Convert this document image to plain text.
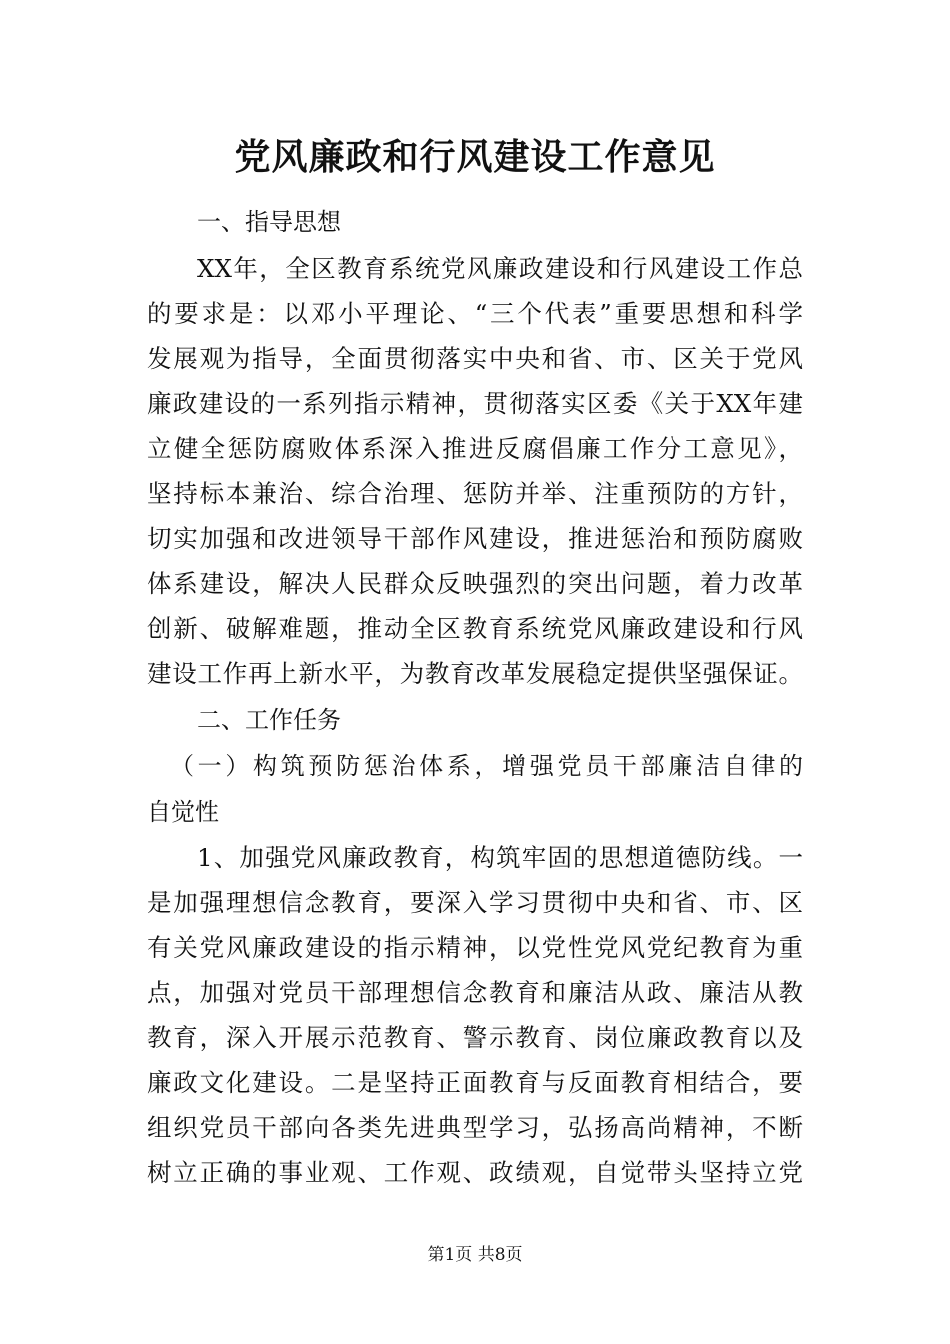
党风廉政和行风建设工作意见
一、指导思想
XX年，全区教育系统党风廉政建设和行风建设工作总
的要求是：以邓小平理论、“三个代表”重要思想和科学
发展观为指导，全面贯彻落实中央和省、市、区关于党风
廉政建设的一系列指示精神，贯彻落实区委《关于XX年建
立健全惩防腐败体系深入推进反腐倡廉工作分工意见》，
坚持标本兼治、综合治理、惩防并举、注重预防的方针，
切实加强和改进领导干部作风建设，推进惩治和预防腐败
体系建设，解决人民群众反映强烈的突出问题，着力改革
创新、破解难题，推动全区教育系统党风廉政建设和行风
建设工作再上新水平，为教育改革发展稳定提供坚强保证。
二、工作任务
（一）构筑预防惩治体系，增强党员干部廉洁自律的
自觉性
1、加强党风廉政教育，构筑牢固的思想道德防线。一
是加强理想信念教育，要深入学习贯彻中央和省、市、区
有关党风廉政建设的指示精神，以党性党风党纪教育为重
点，加强对党员干部理想信念教育和廉洁从政、廉洁从教
教育，深入开展示范教育、警示教育、岗位廉政教育以及
廉政文化建设。二是坚持正面教育与反面教育相结合，要
组织党员干部向各类先进典型学习，弘扬高尚精神，不断
树立正确的事业观、工作观、政绩观，自觉带头坚持立党
第1页 共8页
